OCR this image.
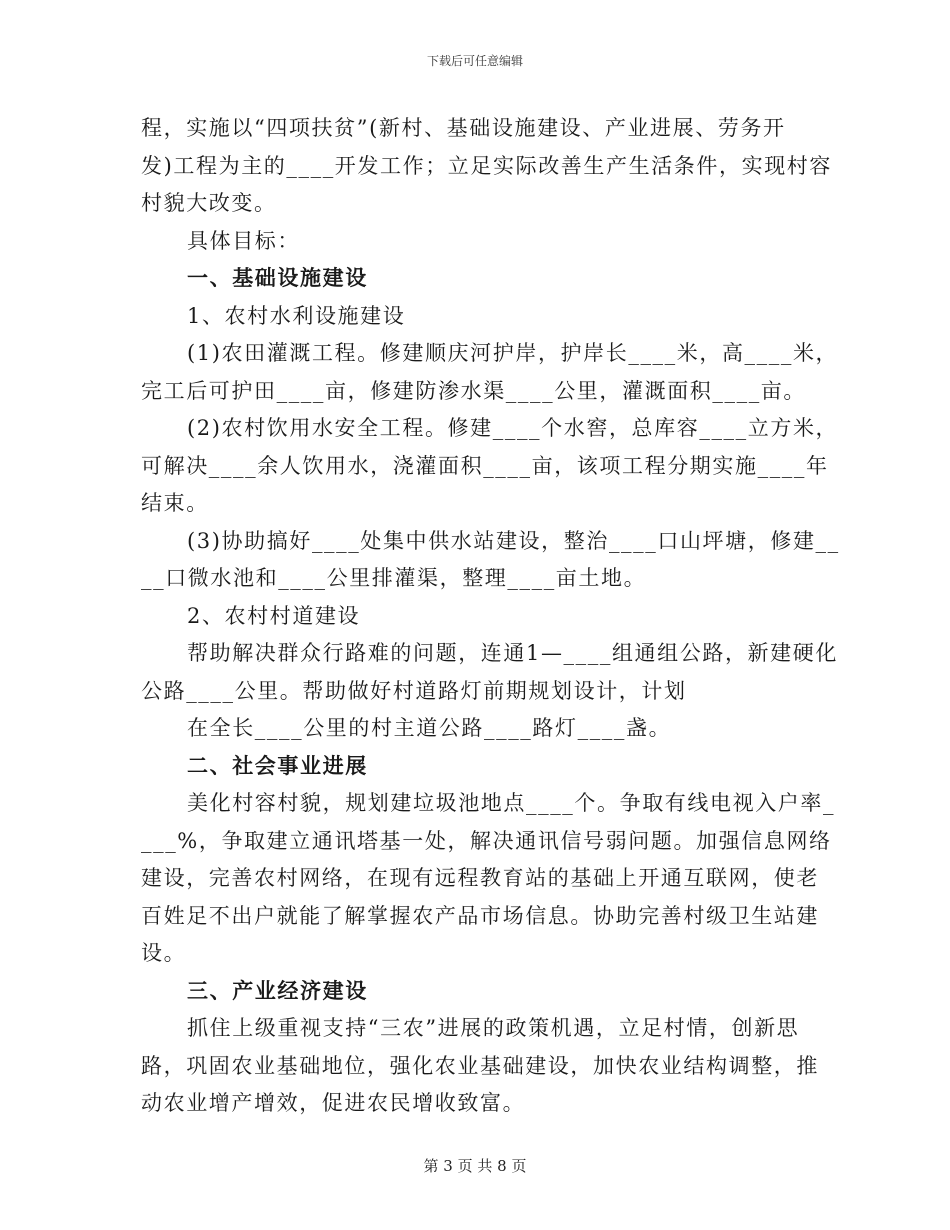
下载后可任意编辑
程，实施以“四项扶贫”(新村、基础设施建设、产业进展、劳务开
发)工程为主的____开发工作；立足实际改善生产生活条件，实现村容
村貌大改变。
具体目标：
一、基础设施建设
1、农村水利设施建设
(1)农田灌溉工程。修建顺庆河护岸，护岸长____米，高____米，
完工后可护田____亩，修建防渗水渠____公里，灌溉面积____亩。
(2)农村饮用水安全工程。修建____个水窖，总库容____立方米，
可解决____余人饮用水，浇灌面积____亩，该项工程分期实施____年
结束。
(3)协助搞好____处集中供水站建设，整治____口山坪塘，修建__
__口微水池和____公里排灌渠，整理____亩土地。
2、农村村道建设
帮助解决群众行路难的问题，连通1—____组通组公路，新建硬化
公路____公里。帮助做好村道路灯前期规划设计，计划
在全长____公里的村主道公路____路灯____盏。
二、社会事业进展
美化村容村貌，规划建垃圾池地点____个。争取有线电视入户率_
___%，争取建立通讯塔基一处，解决通讯信号弱问题。加强信息网络
建设，完善农村网络，在现有远程教育站的基础上开通互联网，使老
百姓足不出户就能了解掌握农产品市场信息。协助完善村级卫生站建
设。
三、产业经济建设
抓住上级重视支持“三农”进展的政策机遇，立足村情，创新思
路，巩固农业基础地位，强化农业基础建设，加快农业结构调整，推
动农业增产增效，促进农民增收致富。
第 3 页 共 8 页
